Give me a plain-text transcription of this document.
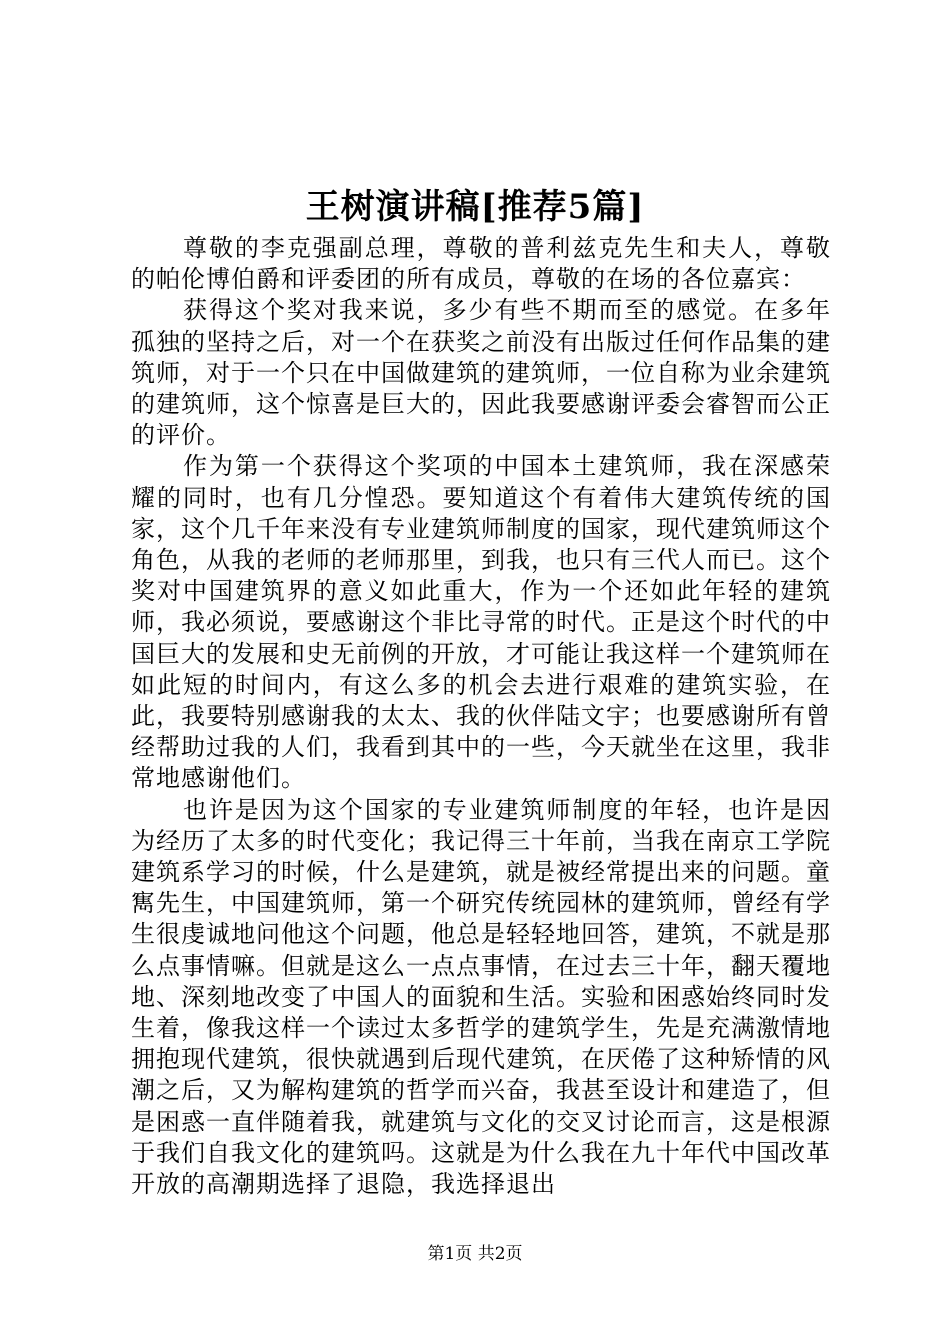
王树演讲稿[推荐5篇]

尊敬的李克强副总理，尊敬的普利兹克先生和夫人，尊敬的帕伦博伯爵和评委团的所有成员，尊敬的在场的各位嘉宾：

获得这个奖对我来说，多少有些不期而至的感觉。在多年孤独的坚持之后，对一个在获奖之前没有出版过任何作品集的建筑师，对于一个只在中国做建筑的建筑师，一位自称为业余建筑的建筑师，这个惊喜是巨大的，因此我要感谢评委会睿智而公正的评价。

作为第一个获得这个奖项的中国本土建筑师，我在深感荣耀的同时，也有几分惶恐。要知道这个有着伟大建筑传统的国家，这个几千年来没有专业建筑师制度的国家，现代建筑师这个角色，从我的老师的老师那里，到我，也只有三代人而已。这个奖对中国建筑界的意义如此重大，作为一个还如此年轻的建筑师，我必须说，要感谢这个非比寻常的时代。正是这个时代的中国巨大的发展和史无前例的开放，才可能让我这样一个建筑师在如此短的时间内，有这么多的机会去进行艰难的建筑实验，在此，我要特别感谢我的太太、我的伙伴陆文宇；也要感谢所有曾经帮助过我的人们，我看到其中的一些，今天就坐在这里，我非常地感谢他们。

也许是因为这个国家的专业建筑师制度的年轻，也许是因为经历了太多的时代变化；我记得三十年前，当我在南京工学院建筑系学习的时候，什么是建筑，就是被经常提出来的问题。童寯先生，中国建筑师，第一个研究传统园林的建筑师，曾经有学生很虔诚地问他这个问题，他总是轻轻地回答，建筑，不就是那么点事情嘛。但就是这么一点点事情，在过去三十年，翻天覆地地、深刻地改变了中国人的面貌和生活。实验和困惑始终同时发生着，像我这样一个读过太多哲学的建筑学生，先是充满激情地拥抱现代建筑，很快就遇到后现代建筑，在厌倦了这种矫情的风潮之后，又为解构建筑的哲学而兴奋，我甚至设计和建造了，但是困惑一直伴随着我，就建筑与文化的交叉讨论而言，这是根源于我们自我文化的建筑吗。这就是为什么我在九十年代中国改革开放的高潮期选择了退隐，我选择退出

第1页 共2页
